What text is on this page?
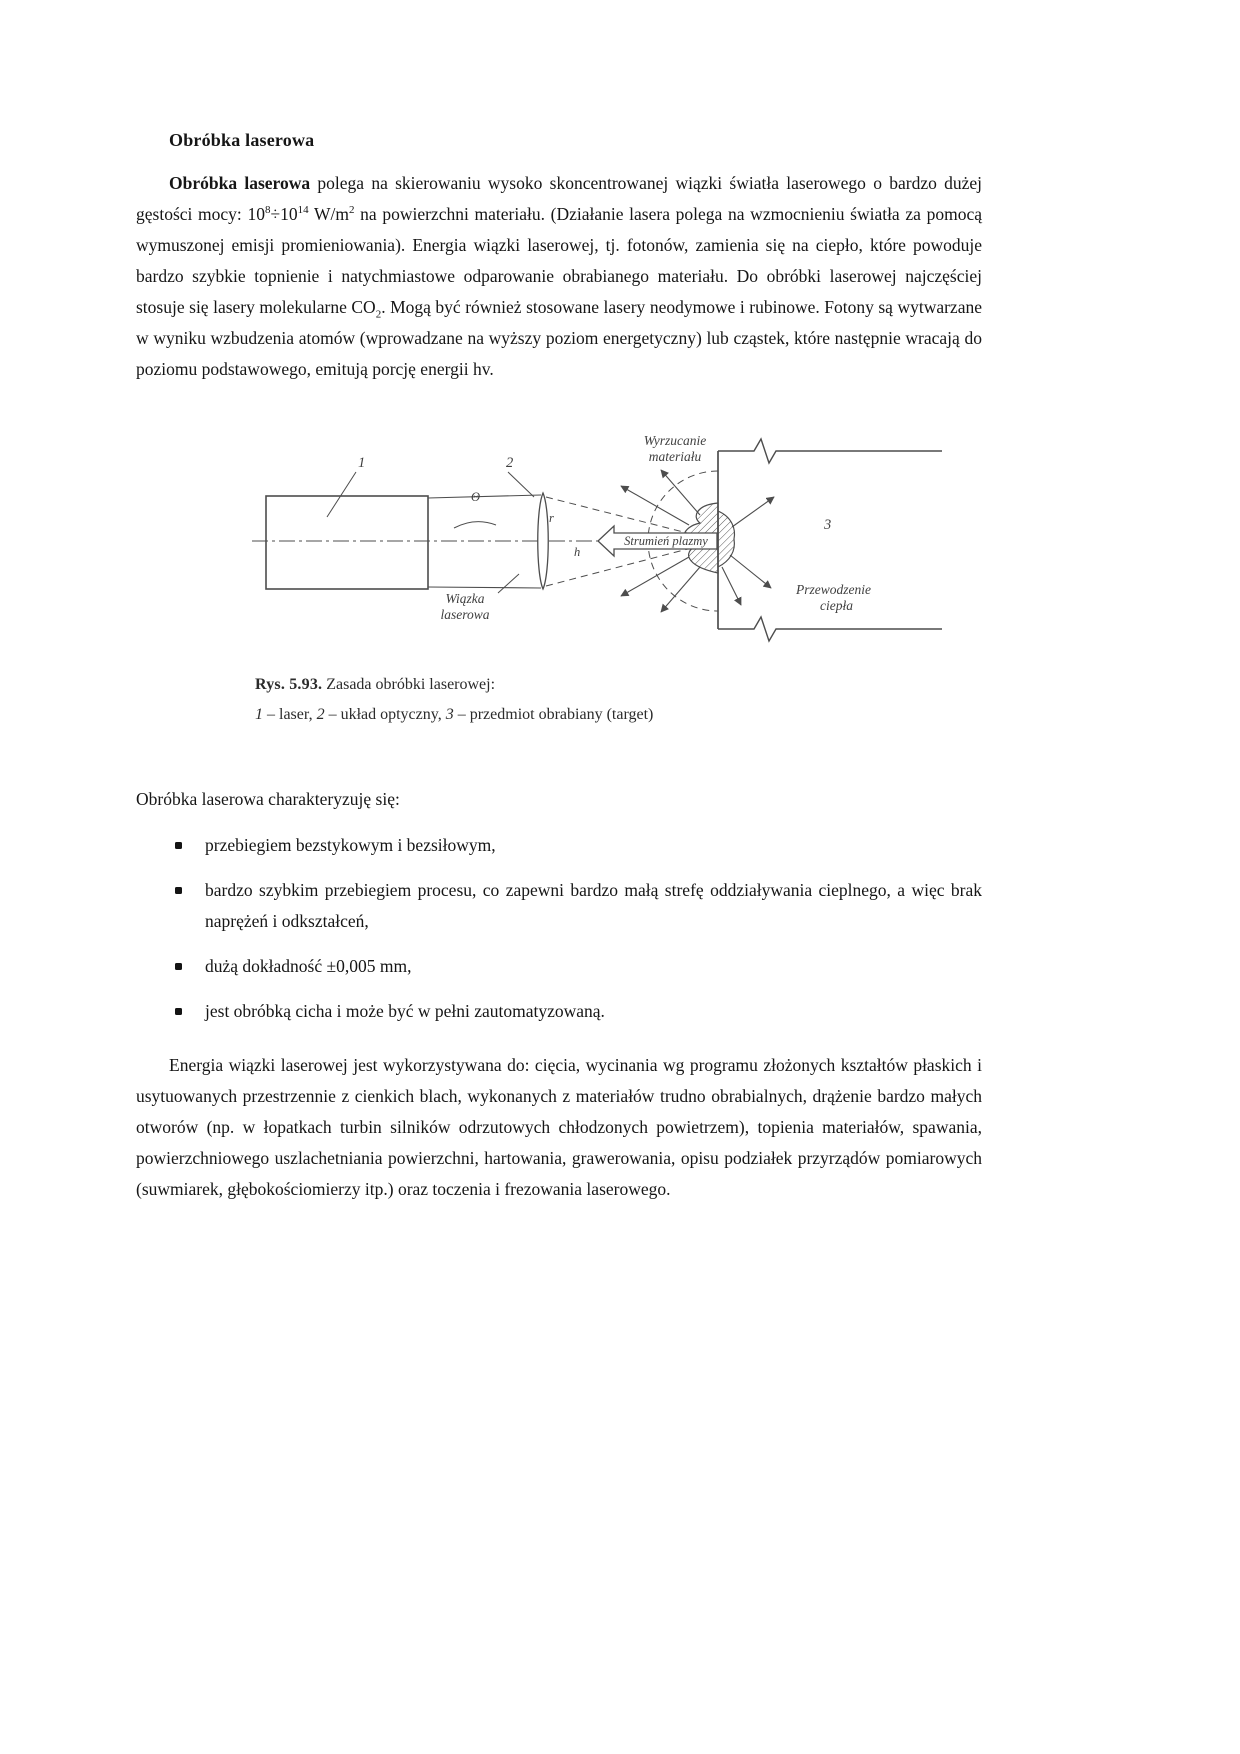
Obróbka laserowa

Obróbka laserowa polega na skierowaniu wysoko skoncentrowanej wiązki światła laserowego o bardzo dużej gęstości mocy: $10^8\div 10^{14}$ $W/m^2$ na powierzchni materiału. (Działanie lasera polega na wzmocnieniu światła za pomocą wymuszonej emisji promieniowania). Energia wiązki laserowej, tj. fotonów, zamienia się na ciepło, które powoduje bardzo szybkie topnienie i natychmiastowe odparowanie obrabianego materiału. Do obróbki laserowej najczęściej stosuje się lasery molekularne $CO_2$. Mogą być również stosowane lasery neodymowe i rubinowe. Fotony są wytwarzane w wyniku wzbudzenia atomów (wprowadzane na wyższy poziom energetyczny) lub cząstek, które następnie wracają do poziomu podstawowego, emitują porcję energii hv.

1
Θ
2
r
h
Strumień plazmy
Wyrzucanie
materiału
3
Przewodzenie
ciepła
Wiązka
laserowa
Rys. 5.93. Zasada obróbki laserowej:
1 – laser, 2 – układ optyczny, 3 – przedmiot obrabiany (target)

Obróbka laserowa charakteryzuję się:

przebiegiem bezstykowym i bezsiłowym,
bardzo szybkim przebiegiem procesu, co zapewni bardzo małą strefę oddziaływania cieplnego, a więc brak naprężeń i odkształceń,
dużą dokładność ±0,005 mm,
jest obróbką cicha i może być w pełni zautomatyzowaną.

Energia wiązki laserowej jest wykorzystywana do: cięcia, wycinania wg programu złożonych kształtów płaskich i usytuowanych przestrzennie z cienkich blach, wykonanych z materiałów trudno obrabialnych, drążenie bardzo małych otworów (np. w łopatkach turbin silników odrzutowych chłodzonych powietrzem), topienia materiałów, spawania, powierzchniowego uszlachetniania powierzchni, hartowania, grawerowania, opisu podziałek przyrządów pomiarowych (suwmiarek, głębokościomierzy itp.) oraz toczenia i frezowania laserowego.
